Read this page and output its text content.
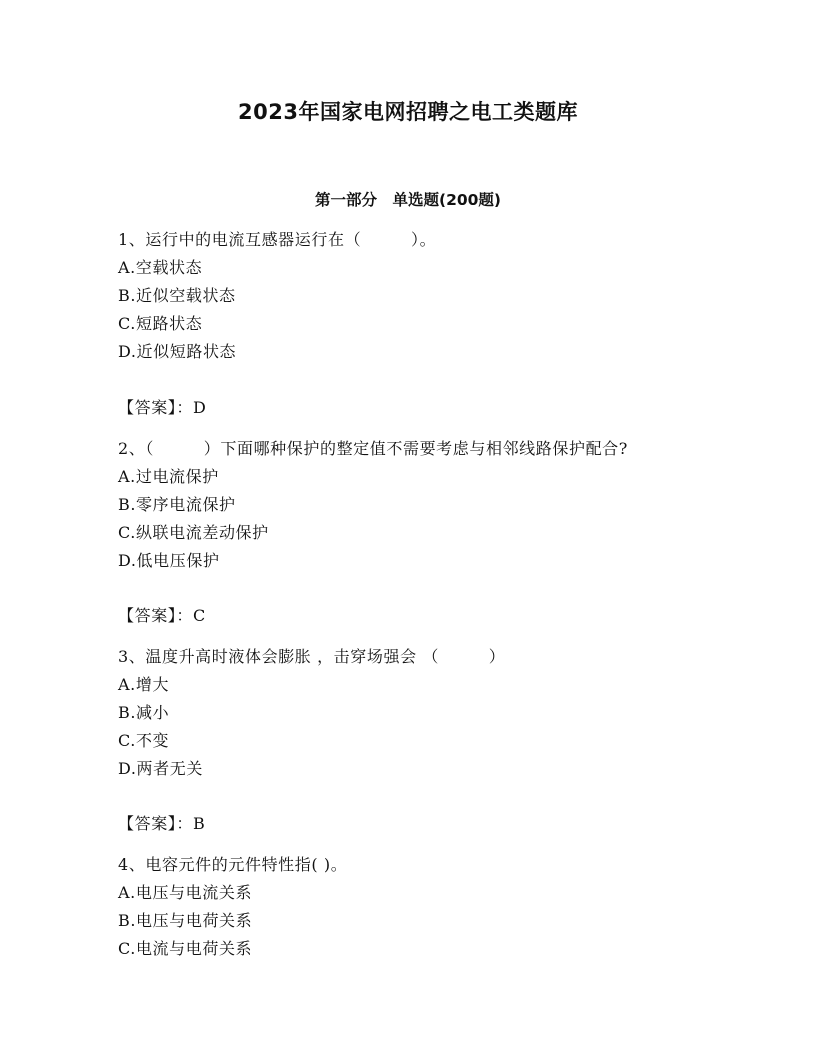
2023年国家电网招聘之电工类题库
第一部分　单选题(200题)
1、运行中的电流互感器运行在（　　　）。
A.空载状态
B.近似空载状态
C.短路状态
D.近似短路状态
【答案】：D
2、（　　　）下面哪种保护的整定值不需要考虑与相邻线路保护配合?
A.过电流保护
B.零序电流保护
C.纵联电流差动保护
D.低电压保护
【答案】：C
3、温度升高时液体会膨胀 ，击穿场强会 （　　　）
A.增大
B.减小
C.不变
D.两者无关
【答案】：B
4、电容元件的元件特性指( )。
A.电压与电流关系
B.电压与电荷关系
C.电流与电荷关系
